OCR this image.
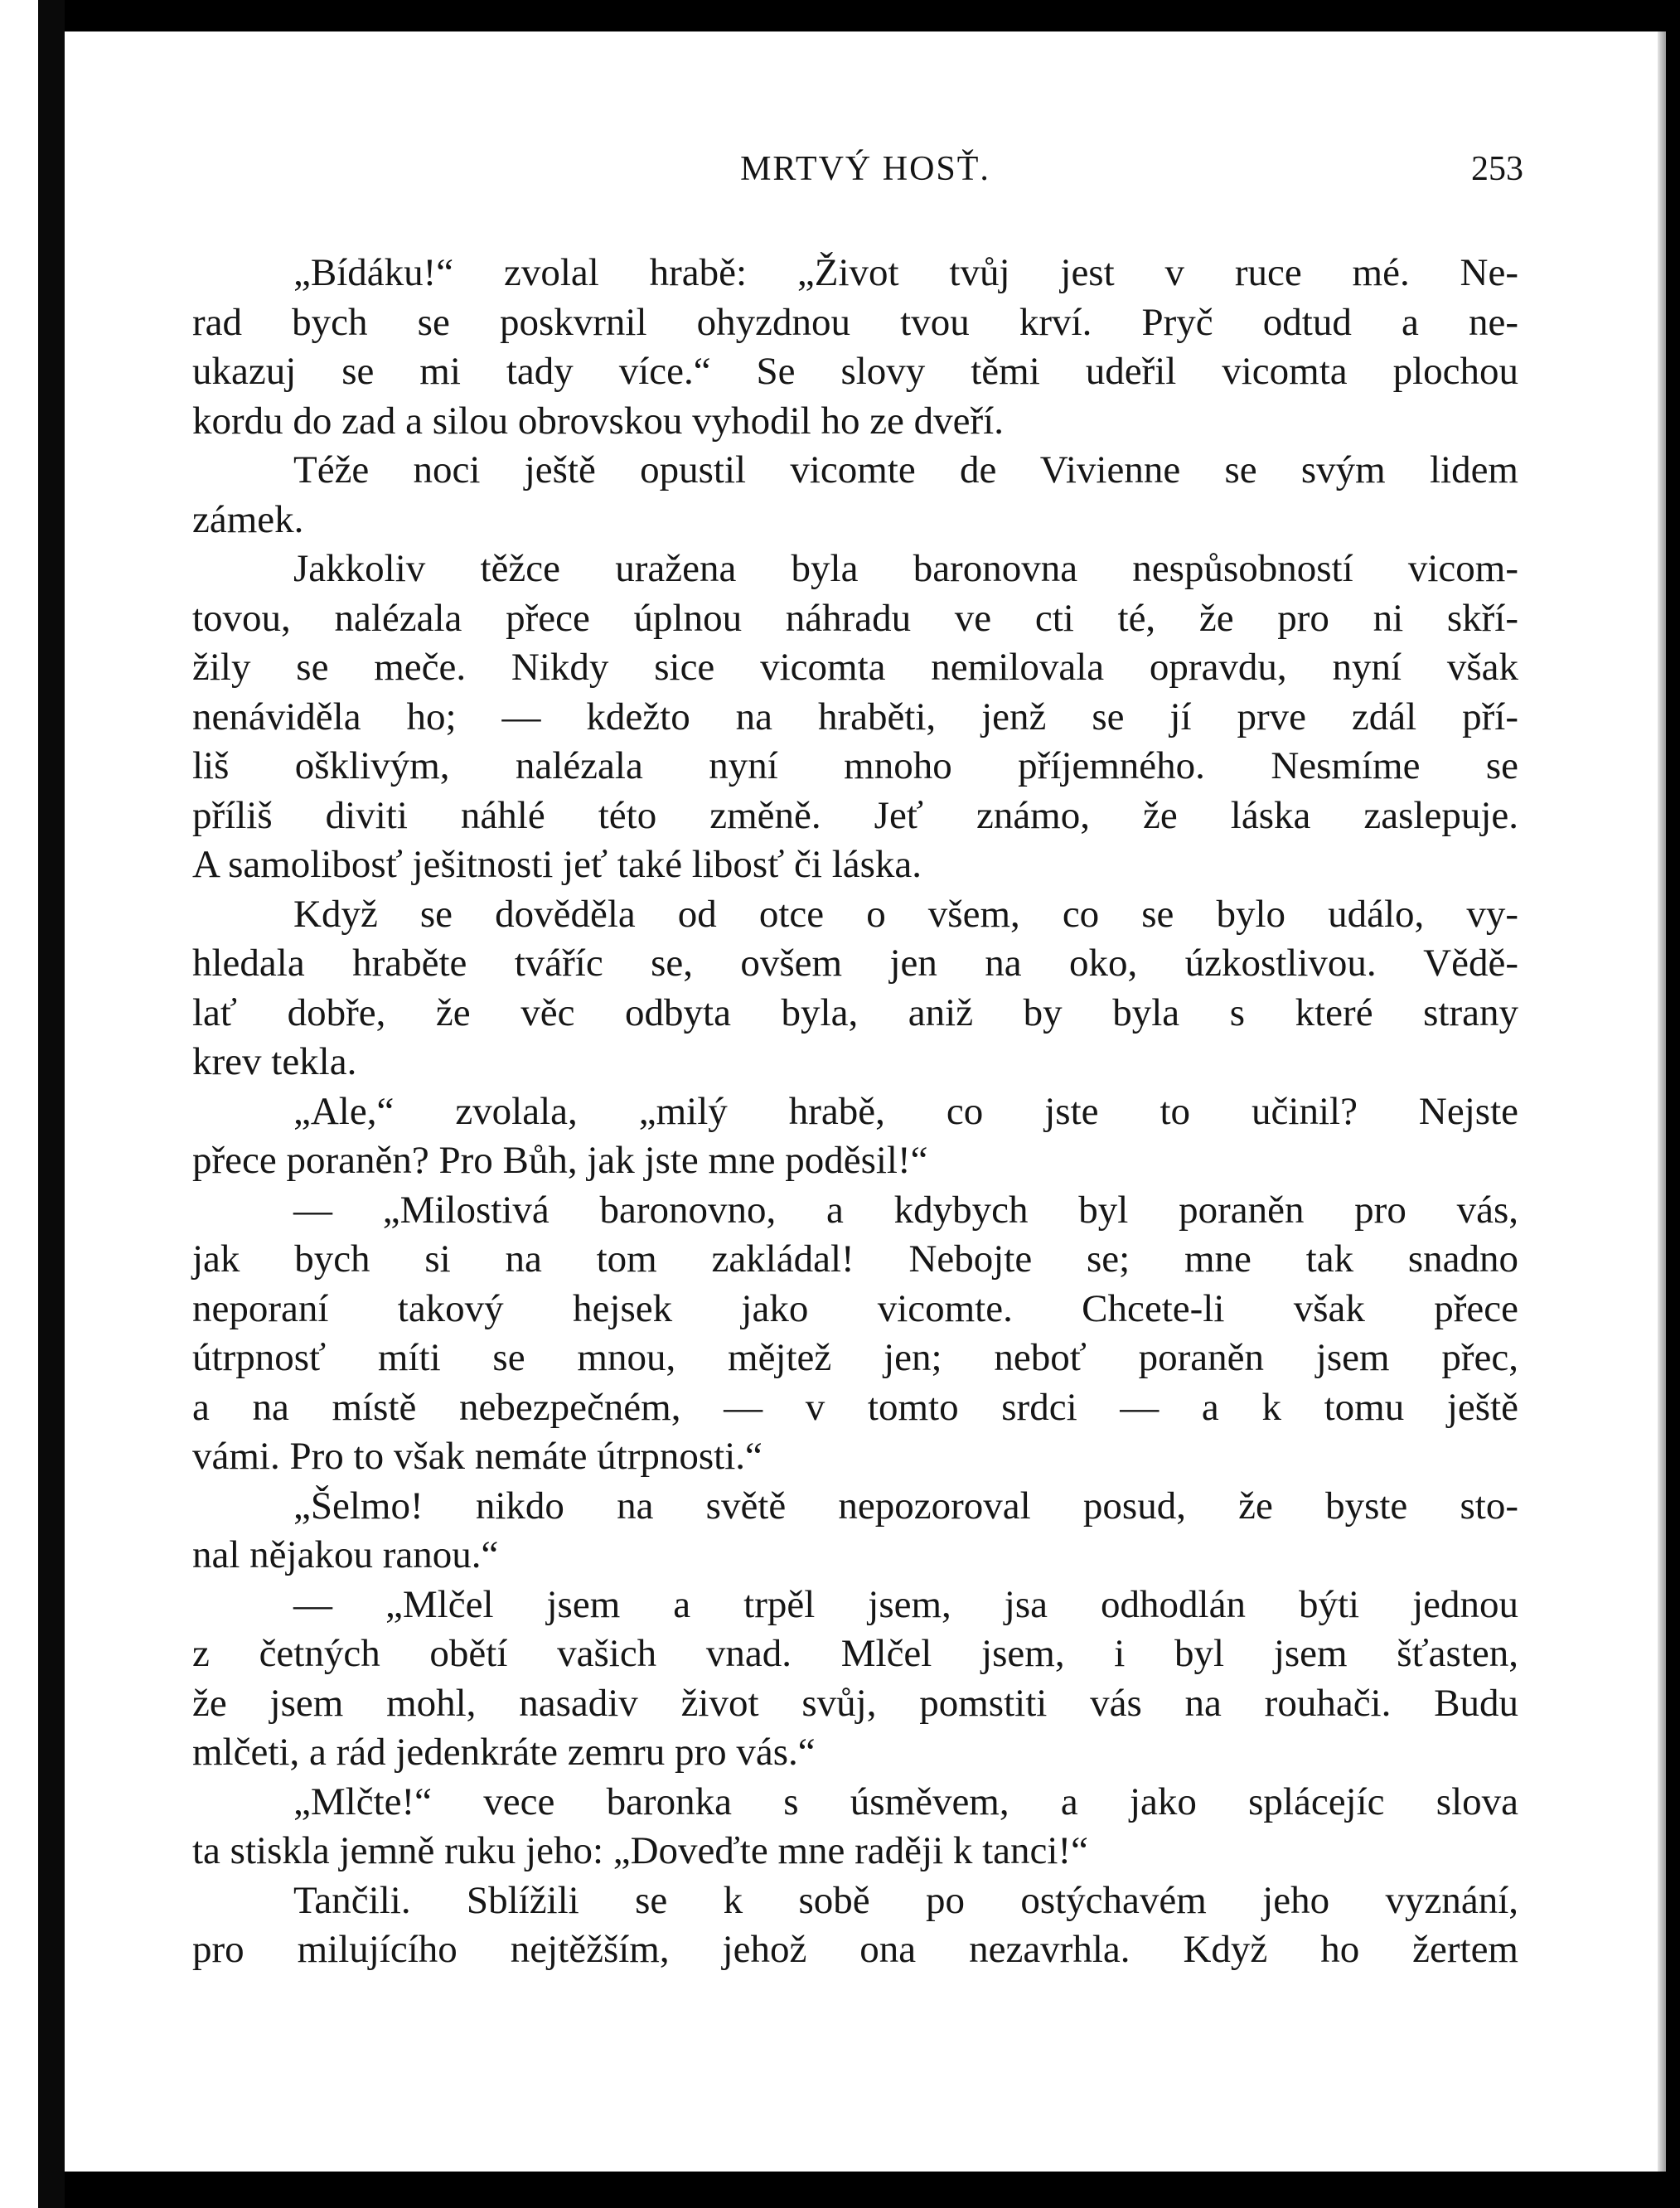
MRTVÝ HOSŤ.	253
„Bídáku!“ zvolal hrabě: „Život tvůj jest v ruce mé. Ne-
rad bych se poskvrnil ohyzdnou tvou krví. Pryč odtud a ne-
ukazuj se mi tady více.“ Se slovy těmi udeřil vicomta plochou
kordu do zad a silou obrovskou vyhodil ho ze dveří.
Téže noci ještě opustil vicomte de Vivienne se svým lidem
zámek.
Jakkoliv těžce uražena byla baronovna nespůsobností vicom-
tovou, nalézala přece úplnou náhradu ve cti té, že pro ni skří-
žily se meče. Nikdy sice vicomta nemilovala opravdu, nyní však
nenáviděla ho; — kdežto na hraběti, jenž se jí prve zdál pří-
liš ošklivým, nalézala nyní mnoho příjemného. Nesmíme se
příliš diviti náhlé této změně. Jeť známo, že láska zaslepuje.
A samolibosť ješitnosti jeť také libosť či láska.
Když se dověděla od otce o všem, co se bylo událo, vy-
hledala hraběte tváříc se, ovšem jen na oko, úzkostlivou. Vědě-
lať dobře, že věc odbyta byla, aniž by byla s které strany
krev tekla.
„Ale,“ zvolala, „milý hrabě, co jste to učinil? Nejste
přece poraněn? Pro Bůh, jak jste mne poděsil!“
— „Milostivá baronovno, a kdybych byl poraněn pro vás,
jak bych si na tom zakládal! Nebojte se; mne tak snadno
neporaní takový hejsek jako vicomte. Chcete-li však přece
útrpnosť míti se mnou, mějtež jen; neboť poraněn jsem přec,
a na místě nebezpečném, — v tomto srdci — a k tomu ještě
vámi. Pro to však nemáte útrpnosti.“
„Šelmo! nikdo na světě nepozoroval posud, že byste sto-
nal nějakou ranou.“
— „Mlčel jsem a trpěl jsem, jsa odhodlán býti jednou
z četných obětí vašich vnad. Mlčel jsem, i byl jsem šťasten,
že jsem mohl, nasadiv život svůj, pomstiti vás na rouhači. Budu
mlčeti, a rád jedenkráte zemru pro vás.“
„Mlčte!“ vece baronka s úsměvem, a jako splácejíc slova
ta stiskla jemně ruku jeho: „Doveďte mne raději k tanci!“
Tančili. Sblížili se k sobě po ostýchavém jeho vyznání,
pro milujícího nejtěžším, jehož ona nezavrhla. Když ho žertem
